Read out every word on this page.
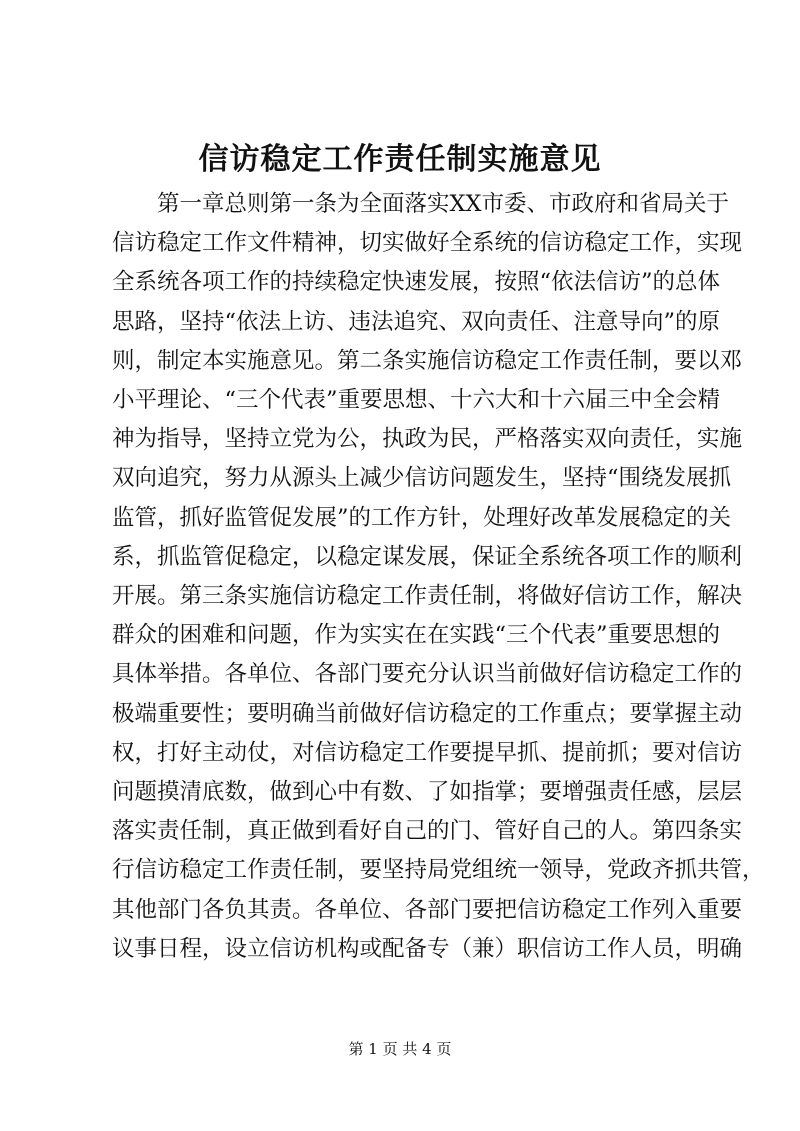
信访稳定工作责任制实施意见
　　第一章总则第一条为全面落实XX市委、市政府和省局关于
信访稳定工作文件精神，切实做好全系统的信访稳定工作，实现
全系统各项工作的持续稳定快速发展，按照“依法信访”的总体
思路，坚持“依法上访、违法追究、双向责任、注意导向”的原
则，制定本实施意见。第二条实施信访稳定工作责任制，要以邓
小平理论、“三个代表”重要思想、十六大和十六届三中全会精
神为指导，坚持立党为公，执政为民，严格落实双向责任，实施
双向追究，努力从源头上减少信访问题发生，坚持“围绕发展抓
监管，抓好监管促发展”的工作方针，处理好改革发展稳定的关
系，抓监管促稳定，以稳定谋发展，保证全系统各项工作的顺利
开展。第三条实施信访稳定工作责任制，将做好信访工作，解决
群众的困难和问题，作为实实在在实践“三个代表”重要思想的
具体举措。各单位、各部门要充分认识当前做好信访稳定工作的
极端重要性；要明确当前做好信访稳定的工作重点；要掌握主动
权，打好主动仗，对信访稳定工作要提早抓、提前抓；要对信访
问题摸清底数，做到心中有数、了如指掌；要增强责任感，层层
落实责任制，真正做到看好自己的门、管好自己的人。第四条实
行信访稳定工作责任制，要坚持局党组统一领导，党政齐抓共管，
其他部门各负其责。各单位、各部门要把信访稳定工作列入重要
议事日程，设立信访机构或配备专（兼）职信访工作人员，明确
第 1 页 共 4 页
